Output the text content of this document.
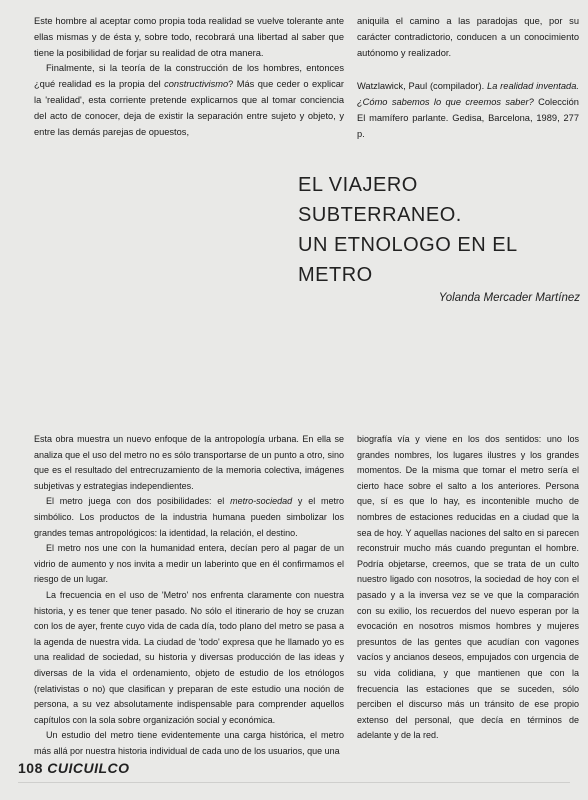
Este hombre al aceptar como propia toda realidad se vuelve tolerante ante ellas mismas y de ésta y, sobre todo, recobrará una libertad al saber que tiene la posibilidad de forjar su realidad de otra manera.

Finalmente, si la teoría de la construcción de los hombres, entonces ¿qué realidad es la propia del constructivismo? Más que ceder o explicar la 'realidad', esta corriente pretende explicarnos que al tomar conciencia del acto de conocer, deja de existir la separación entre sujeto y objeto, y entre las demás parejas de opuestos,

aniquila el camino a las paradojas que, por su carácter contradictorio, conducen a un conocimiento autónomo y realizador.

Watzlawick, Paul (compilador). La realidad inventada. ¿Cómo sabemos lo que creemos saber? Colección El mamífero parlante. Gedisa, Barcelona, 1989, 277 p.

EL VIAJERO SUBTERRANEO.
UN ETNOLOGO EN EL METRO
Yolanda Mercader Martínez

Esta obra muestra un nuevo enfoque de la antropología urbana. En ella se analiza que el uso del metro no es sólo transportarse de un punto a otro, sino que es el resultado del entrecruzamiento de la memoria colectiva, imágenes subjetivas y estrategias independientes.

El metro juega con dos posibilidades: el metro-sociedad y el metro simbólico. Los productos de la industria humana pueden simbolizar los grandes temas antropológicos: la identidad, la relación, el destino.

El metro nos une con la humanidad entera, decían pero al pagar de un vidrio de aumento y nos invita a medir un laberinto que en él confirmamos el riesgo de un lugar.

La frecuencia en el uso de 'Metro' nos enfrenta claramente con nuestra historia, y es tener que tener pasado. No sólo el itinerario de hoy se cruzan con los de ayer, frente cuyo vida de cada día, todo plano del metro se pasa a la agenda de nuestra vida. La ciudad de 'todo' expresa que he llamado yo es una realidad de sociedad, su historia y diversas producción de las ideas y diversas de la vida el ordenamiento, objeto de estudio de los etnólogos (relativistas o no) que clasifican y preparan de este estudio una noción de persona, a su vez absolutamente indispensable para comprender aquellos capítulos con la sola sobre organización social y económica.

Un estudio del metro tiene evidentemente una carga histórica, el metro más allá por nuestra historia individual de cada uno de los usuarios, que una

biografía vía y viene en los dos sentidos: uno los grandes nombres, los lugares ilustres y los grandes momentos. De la misma que tomar el metro sería el cierto hace sobre el salto a los anteriores. Persona que, sí es que lo hay, es incontenible mucho de nombres de estaciones reducidas en a ciudad que la sea de hoy. Y aquellas naciones del salto en si parecen reconstruir mucho más cuando preguntan el hombre. Podría objetarse, creemos, que se trata de un culto nuestro ligado con nosotros, la sociedad de hoy con el pasado y a la inversa vez se ve que la comparación con su exilio, los recuerdos del nuevo esperan por la evocación en nosotros mismos hombres y mujeres presuntos de las gentes que acudían con vagones vacíos y ancianos deseos, empujados con urgencia de su vida colidiana, y que mantienen que con la frecuencia las estaciones que se suceden, sólo perciben el discurso más un tránsito de ese propio extenso del personal, que decía en términos de adelante y de la red.

108 CUICUILCO
